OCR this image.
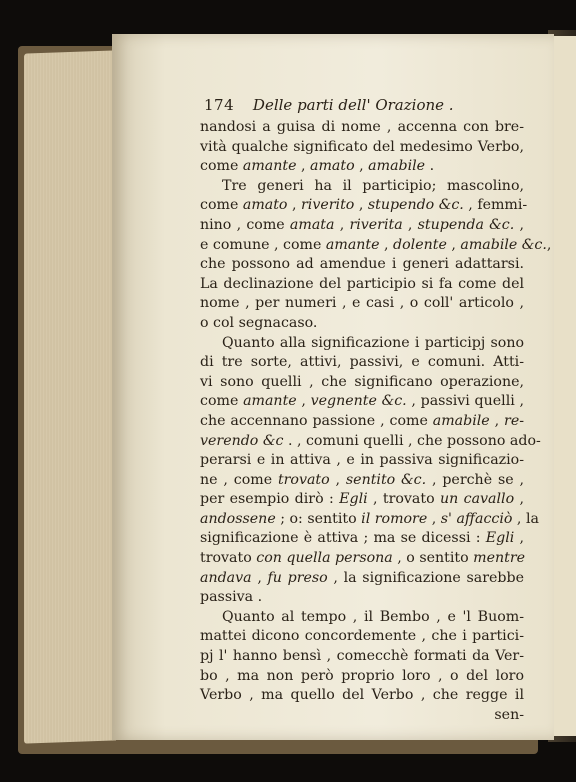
174 Delle parti dell' Orazione .
nandosi a guisa di nome , accenna con bre-
vità qualche significato del medesimo Verbo,
come amante , amato , amabile .
Tre generi ha il participio; mascolino,
come amato , riverito , stupendo &c. , femmi-
nino , come amata , riverita , stupenda &c. ,
e comune , come amante , dolente , amabile &c.,
che possono ad amendue i generi adattarsi.
La declinazione del participio si fa come del
nome , per numeri , e casi , o coll' articolo ,
o col segnacaso.
Quanto alla significazione i participj sono
di tre sorte, attivi, passivi, e comuni. Atti-
vi sono quelli , che significano operazione,
come amante , vegnente &c. , passivi quelli ,
che accennano passione , come amabile , re-
verendo &c . , comuni quelli , che possono ado-
perarsi e in attiva , e in passiva significazio-
ne , come trovato , sentito &c. , perchè se ,
per esempio dirò : Egli , trovato un cavallo ,
andossene ; o: sentito il romore , s' affacciò , la
significazione è attiva ; ma se dicessi : Egli ,
trovato con quella persona , o sentito mentre
andava , fu preso , la significazione sarebbe
passiva .
Quanto al tempo , il Bembo , e 'l Buom-
mattei dicono concordemente , che i partici-
pj l' hanno bensì , comecchè formati da Ver-
bo , ma non però proprio loro , o del loro
Verbo , ma quello del Verbo , che regge il
sen-
